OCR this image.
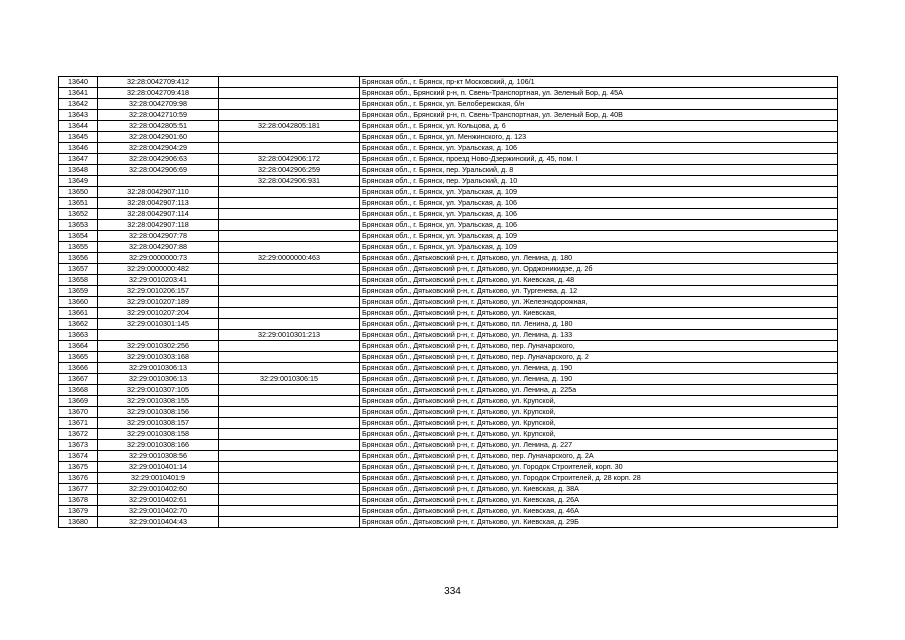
13640	32:28:0042709:412		Брянская обл., г. Брянск, пр-кт Московский, д. 106/1
13641	32:28:0042709:418		Брянская обл., Брянский р-н, п. Свень-Транспортная, ул. Зеленый Бор, д. 45А
13642	32:28:0042709:98		Брянская обл., г. Брянск, ул. Белобережская, б/н
13643	32:28:0042710:59		Брянская обл., Брянский р-н, п. Свень-Транспортная, ул. Зеленый Бор, д. 40В
13644	32:28:0042805:51	32:28:0042805:181	Брянская обл., г. Брянск, ул. Кольцова, д. 6
13645	32:28:0042901:60		Брянская обл., г. Брянск, ул. Менжинского, д. 123
13646	32:28:0042904:29		Брянская обл., г. Брянск, ул. Уральская, д. 106
13647	32:28:0042906:63	32:28:0042906:172	Брянская обл., г. Брянск, проезд Ново-Дзержинский, д. 45, пом. I
13648	32:28:0042906:69	32:28:0042906:259	Брянская обл., г. Брянск, пер. Уральский, д. 8
13649		32:28:0042906:931	Брянская обл., г. Брянск, пер. Уральский, д. 10
13650	32:28:0042907:110		Брянская обл., г. Брянск, ул. Уральская, д. 109
13651	32:28:0042907:113		Брянская обл., г. Брянск, ул. Уральская, д. 106
13652	32:28:0042907:114		Брянская обл., г. Брянск, ул. Уральская, д. 106
13653	32:28:0042907:118		Брянская обл., г. Брянск, ул. Уральская, д. 106
13654	32:28:0042907:78		Брянская обл., г. Брянск, ул. Уральская, д. 109
13655	32:28:0042907:88		Брянская обл., г. Брянск, ул. Уральская, д. 109
13656	32:29:0000000:73	32:29:0000000:463	Брянская обл., Дятьковский р-н, г. Дятьково, ул. Ленина, д. 180
13657	32:29:0000000:482		Брянская обл., Дятьковский р-н, г. Дятьково, ул. Орджоникидзе, д. 2б
13658	32:29:0010203:41		Брянская обл., Дятьковский р-н, г. Дятьково, ул. Киевская, д. 48
13659	32:29:0010206:157		Брянская обл., Дятьковский р-н, г. Дятьково, ул. Тургенева, д. 12
13660	32:29:0010207:189		Брянская обл., Дятьковский р-н, г. Дятьково, ул. Железнодорожная,
13661	32:29:0010207:204		Брянская обл., Дятьковский р-н, г. Дятьково, ул. Киевская,
13662	32:29:0010301:145		Брянская обл., Дятьковский р-н, г. Дятьково, пл. Ленина, д. 180
13663		32:29:0010301:213	Брянская обл., Дятьковский р-н, г. Дятьково, ул. Ленина, д. 133
13664	32:29:0010302:256		Брянская обл., Дятьковский р-н, г. Дятьково, пер. Луначарского,
13665	32:29:0010303:168		Брянская обл., Дятьковский р-н, г. Дятьково, пер. Луначарского, д. 2
13666	32:29:0010306:13		Брянская обл., Дятьковский р-н, г. Дятьково, ул. Ленина, д. 190
13667	32:29:0010306:13	32:29:0010306:15	Брянская обл., Дятьковский р-н, г. Дятьково, ул. Ленина, д. 190
13668	32:29:0010307:105		Брянская обл., Дятьковский р-н, г. Дятьково, ул. Ленина, д. 225а
13669	32:29:0010308:155		Брянская обл., Дятьковский р-н, г. Дятьково, ул. Крупской,
13670	32:29:0010308:156		Брянская обл., Дятьковский р-н, г. Дятьково, ул. Крупской,
13671	32:29:0010308:157		Брянская обл., Дятьковский р-н, г. Дятьково, ул. Крупской,
13672	32:29:0010308:158		Брянская обл., Дятьковский р-н, г. Дятьково, ул. Крупской,
13673	32:29:0010308:166		Брянская обл., Дятьковский р-н, г. Дятьково, ул. Ленина, д. 227
13674	32:29:0010308:56		Брянская обл., Дятьковский р-н, г. Дятьково, пер. Луначарского, д. 2А
13675	32:29:0010401:14		Брянская обл., Дятьковский р-н, г. Дятьково, ул. Городок Строителей, корп. 30
13676	32:29:0010401:9		Брянская обл., Дятьковский р-н, г. Дятьково, ул. Городок Строителей, д. 28 корп. 28
13677	32:29:0010402:60		Брянская обл., Дятьковский р-н, г. Дятьково, ул. Киевская, д. 38А
13678	32:29:0010402:61		Брянская обл., Дятьковский р-н, г. Дятьково, ул. Киевская, д. 26А
13679	32:29:0010402:70		Брянская обл., Дятьковский р-н, г. Дятьково, ул. Киевская, д. 46А
13680	32:29:0010404:43		Брянская обл., Дятьковский р-н, г. Дятьково, ул. Киевская, д. 29Б
334
